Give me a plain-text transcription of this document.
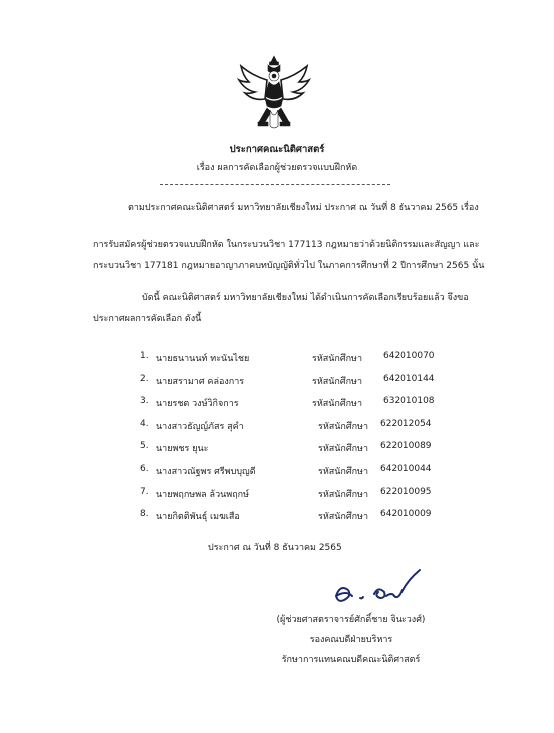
ประกาศคณะนิติศาสตร์
เรื่อง ผลการคัดเลือกผู้ช่วยตรวจแบบฝึกหัด
ตามประกาศคณะนิติศาสตร์ มหาวิทยาลัยเชียงใหม่ ประกาศ ณ วันที่ 8 ธันวาคม 2565 เรื่อง
การรับสมัครผู้ช่วยตรวจแบบฝึกหัด ในกระบวนวิชา 177113 กฎหมายว่าด้วยนิติกรรมและสัญญา และ
กระบวนวิชา 177181 กฎหมายอาญาภาคบทบัญญัติทั่วไป ในภาคการศึกษาที่ 2 ปีการศึกษา 2565 นั้น
บัดนี้ คณะนิติศาสตร์ มหาวิทยาลัยเชียงใหม่ ได้ดำเนินการคัดเลือกเรียบร้อยแล้ว จึงขอ
ประกาศผลการคัดเลือก ดังนี้
1. นายธนานนท์ ทะนันไชย	รหัสนักศึกษา 642010070
2. นายสรามาศ คล่องการ	รหัสนักศึกษา 642010144
3. นายรชต วงษ์วิกิจการ	รหัสนักศึกษา 632010108
4. นางสาวธัญญ์ภัสร สุคำ	รหัสนักศึกษา 622012054
5. นายพชร ยุนะ	รหัสนักศึกษา 622010089
6. นางสาวณัฐพร ศรีพบบุญดี	รหัสนักศึกษา 642010044
7. นายพฤกษพล ล้วนพฤกษ์	รหัสนักศึกษา 622010095
8. นายกิตติพันธุ์ เมฆเสือ	รหัสนักศึกษา 642010009
ประกาศ ณ วันที่ 8 ธันวาคม 2565
(ผู้ช่วยศาสตราจารย์ศักดิ์ชาย จินะวงศ์)
รองคณบดีฝ่ายบริหาร
รักษาการแทนคณบดีคณะนิติศาสตร์
